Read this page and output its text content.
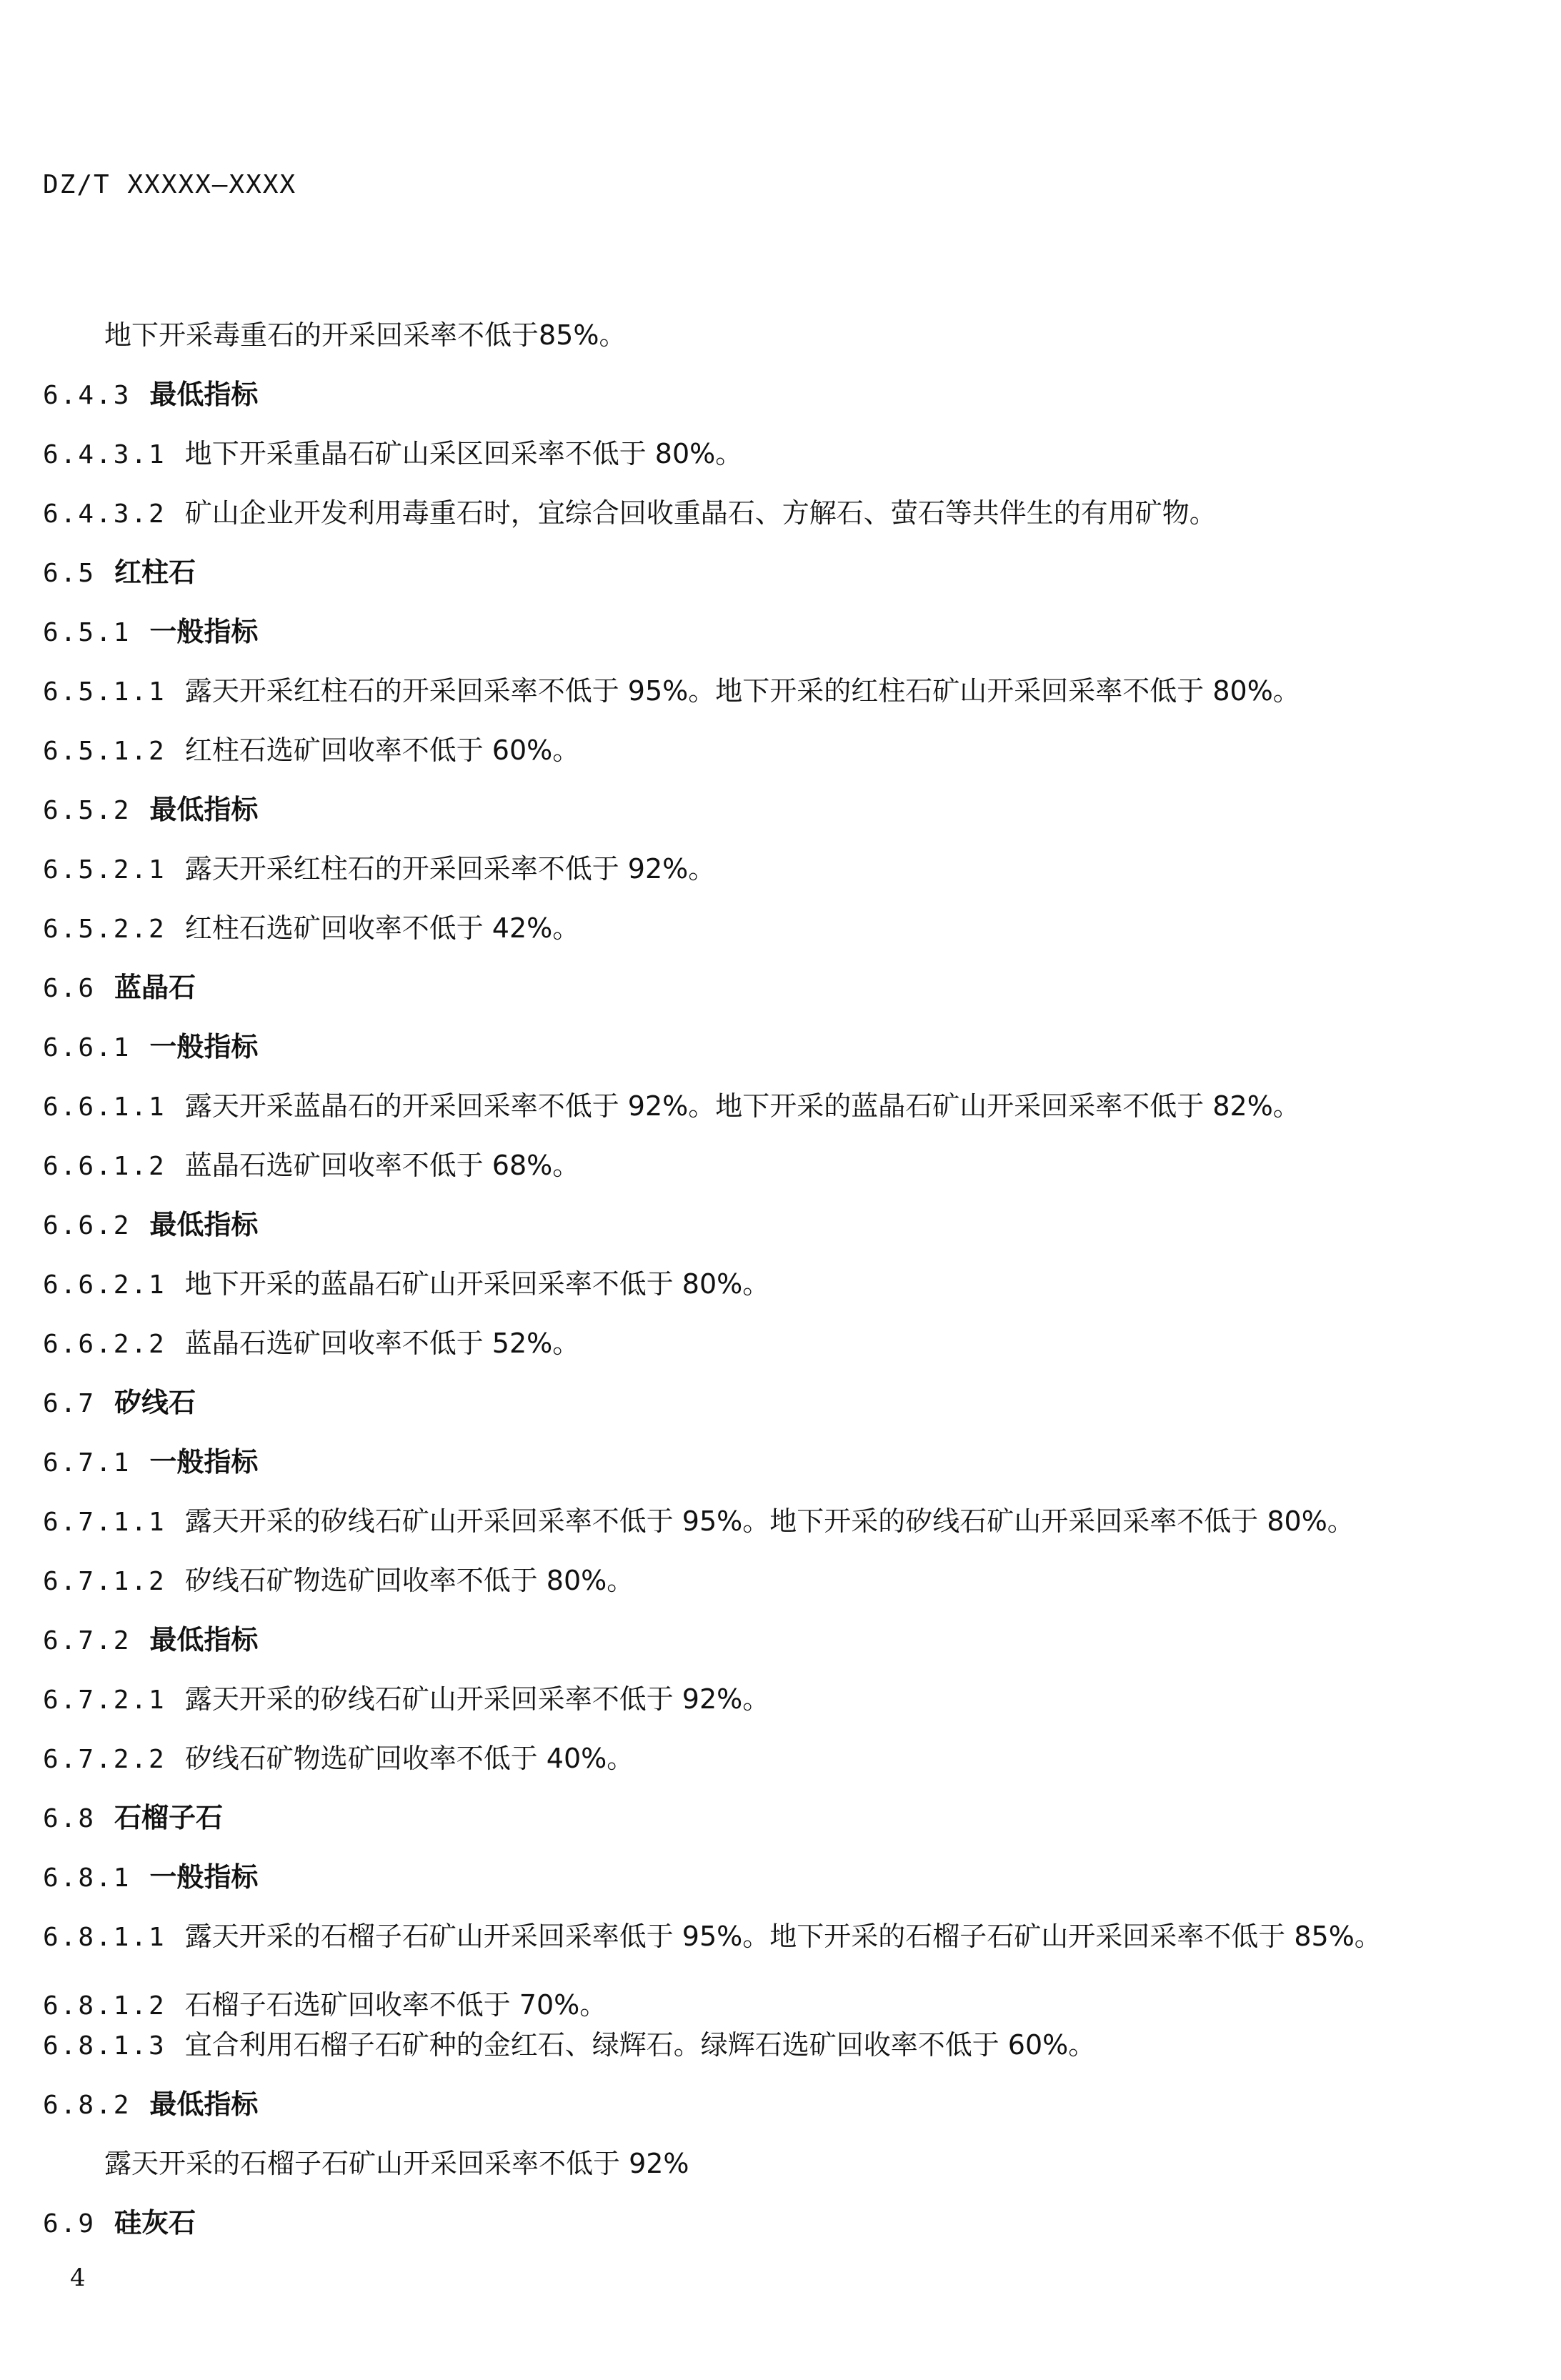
DZ/T XXXXX—XXXX

地下开采毒重石的开采回采率不低于85%。

6.4.3 最低指标

6.4.3.1 地下开采重晶石矿山采区回采率不低于 80%。

6.4.3.2 矿山企业开发利用毒重石时，宜综合回收重晶石、方解石、萤石等共伴生的有用矿物。

6.5 红柱石

6.5.1 一般指标

6.5.1.1 露天开采红柱石的开采回采率不低于 95%。地下开采的红柱石矿山开采回采率不低于 80%。

6.5.1.2 红柱石选矿回收率不低于 60%。

6.5.2 最低指标

6.5.2.1 露天开采红柱石的开采回采率不低于 92%。

6.5.2.2 红柱石选矿回收率不低于 42%。

6.6 蓝晶石

6.6.1 一般指标

6.6.1.1 露天开采蓝晶石的开采回采率不低于 92%。地下开采的蓝晶石矿山开采回采率不低于 82%。

6.6.1.2 蓝晶石选矿回收率不低于 68%。

6.6.2 最低指标

6.6.2.1 地下开采的蓝晶石矿山开采回采率不低于 80%。

6.6.2.2 蓝晶石选矿回收率不低于 52%。

6.7 矽线石

6.7.1 一般指标

6.7.1.1 露天开采的矽线石矿山开采回采率不低于 95%。地下开采的矽线石矿山开采回采率不低于 80%。

6.7.1.2 矽线石矿物选矿回收率不低于 80%。

6.7.2 最低指标

6.7.2.1 露天开采的矽线石矿山开采回采率不低于 92%。

6.7.2.2 矽线石矿物选矿回收率不低于 40%。

6.8 石榴子石

6.8.1 一般指标

6.8.1.1 露天开采的石榴子石矿山开采回采率低于 95%。地下开采的石榴子石矿山开采回采率不低于 85%。

6.8.1.2 石榴子石选矿回收率不低于 70%。

6.8.1.3 宜合利用石榴子石矿种的金红石、绿辉石。绿辉石选矿回收率不低于 60%。

6.8.2 最低指标

露天开采的石榴子石矿山开采回采率不低于 92%

6.9 硅灰石

4
